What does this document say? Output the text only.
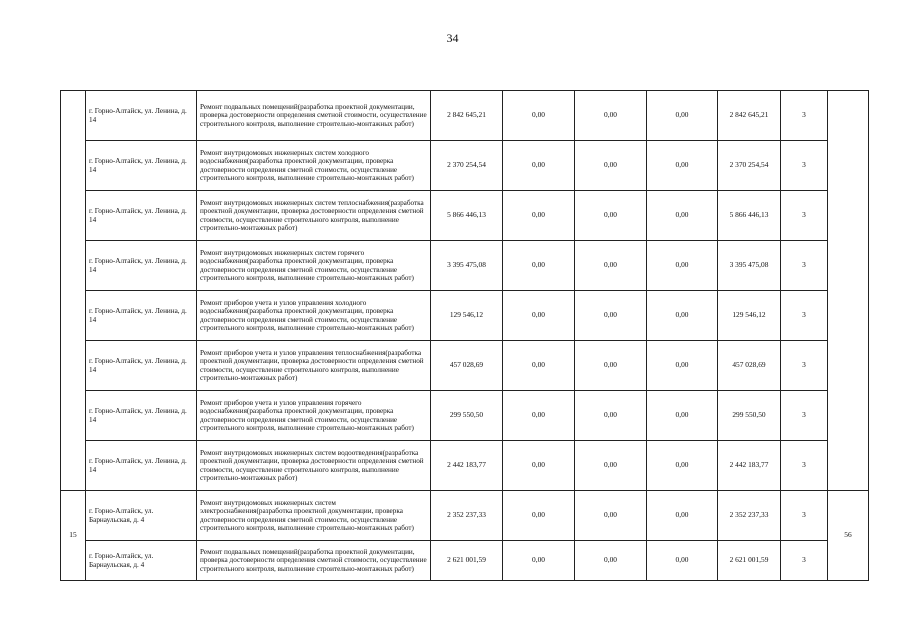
34
	г. Горно-Алтайск, ул. Ленина, д. 14	Ремонт подвальных помещений(разработка проектной документации, проверка достоверности определения сметной стоимости, осуществление строительного контроля, выполнение строительно-монтажных работ)	2 842 645,21	0,00	0,00	0,00	2 842 645,21	3	
	г. Горно-Алтайск, ул. Ленина, д. 14	Ремонт внутридомовых инженерных систем холодного водоснабжения(разработка проектной документации, проверка достоверности определения сметной стоимости, осуществление строительного контроля, выполнение строительно-монтажных работ)	2 370 254,54	0,00	0,00	0,00	2 370 254,54	3	
	г. Горно-Алтайск, ул. Ленина, д. 14	Ремонт внутридомовых инженерных систем теплоснабжения(разработка проектной документации, проверка достоверности определения сметной стоимости, осуществление строительного контроля, выполнение строительно-монтажных работ)	5 866 446,13	0,00	0,00	0,00	5 866 446,13	3	
	г. Горно-Алтайск, ул. Ленина, д. 14	Ремонт внутридомовых инженерных систем горячего водоснабжения(разработка проектной документации, проверка достоверности определения сметной стоимости, осуществление строительного контроля, выполнение строительно-монтажных работ)	3 395 475,08	0,00	0,00	0,00	3 395 475,08	3	
	г. Горно-Алтайск, ул. Ленина, д. 14	Ремонт приборов учета и узлов управления холодного водоснабжения(разработка проектной документации, проверка достоверности определения сметной стоимости, осуществление строительного контроля, выполнение строительно-монтажных работ)	129 546,12	0,00	0,00	0,00	129 546,12	3	
	г. Горно-Алтайск, ул. Ленина, д. 14	Ремонт приборов учета и узлов управления теплоснабжения(разработка проектной документации, проверка достоверности определения сметной стоимости, осуществление строительного контроля, выполнение строительно-монтажных работ)	457 028,69	0,00	0,00	0,00	457 028,69	3	
	г. Горно-Алтайск, ул. Ленина, д. 14	Ремонт приборов учета и узлов управления горячего водоснабжения(разработка проектной документации, проверка достоверности определения сметной стоимости, осуществление строительного контроля, выполнение строительно-монтажных работ)	299 550,50	0,00	0,00	0,00	299 550,50	3	
	г. Горно-Алтайск, ул. Ленина, д. 14	Ремонт внутридомовых инженерных систем водоотведения(разработка проектной документации, проверка достоверности определения сметной стоимости, осуществление строительного контроля, выполнение строительно-монтажных работ)	2 442 183,77	0,00	0,00	0,00	2 442 183,77	3	
15	г. Горно-Алтайск, ул. Барнаульская, д. 4	Ремонт внутридомовых инженерных систем электроснабжения(разработка проектной документации, проверка достоверности определения сметной стоимости, осуществление строительного контроля, выполнение строительно-монтажных работ)	2 352 237,33	0,00	0,00	0,00	2 352 237,33	3	56
	г. Горно-Алтайск, ул. Барнаульская, д. 4	Ремонт подвальных помещений(разработка проектной документации, проверка достоверности определения сметной стоимости, осуществление строительного контроля, выполнение строительно-монтажных работ)	2 621 001,59	0,00	0,00	0,00	2 621 001,59	3	
